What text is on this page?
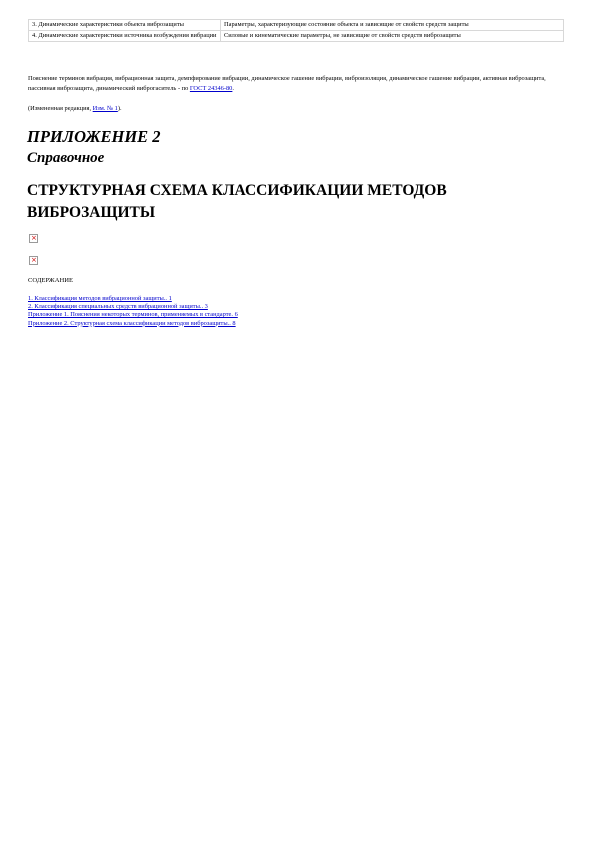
3. Динамические характеристики объекта виброзащиты	Параметры, характеризующие состояние объекта и зависящие от свойств средств защиты
4. Динамические характеристики источника возбуждения вибрации	Силовые и кинематические параметры, не зависящие от свойств средств виброзащиты

Пояснение терминов вибрация, вибрационная защита, демпфирование вибрации, динамическое гашение вибрации, виброизоляция, динамическое гашение вибрации, активная виброзащита, пассивная виброзащита, динамический виброгаситель - по ГОСТ 24346-80.

(Измененная редакция, Изм. № 1).

ПРИЛОЖЕНИЕ 2
Справочное
СТРУКТУРНАЯ СХЕМА КЛАССИФИКАЦИИ МЕТОДОВ ВИБРОЗАЩИТЫ
×
×
СОДЕРЖАНИЕ
1. Классификация методов вибрационной защиты.. 1
2. Классификация специальных средств вибрационной защиты.. 3
Приложение 1. Пояснения некоторых терминов, применяемых в стандарте. 6
Приложение 2. Структурная схема классификации методов виброзащиты.. 8
